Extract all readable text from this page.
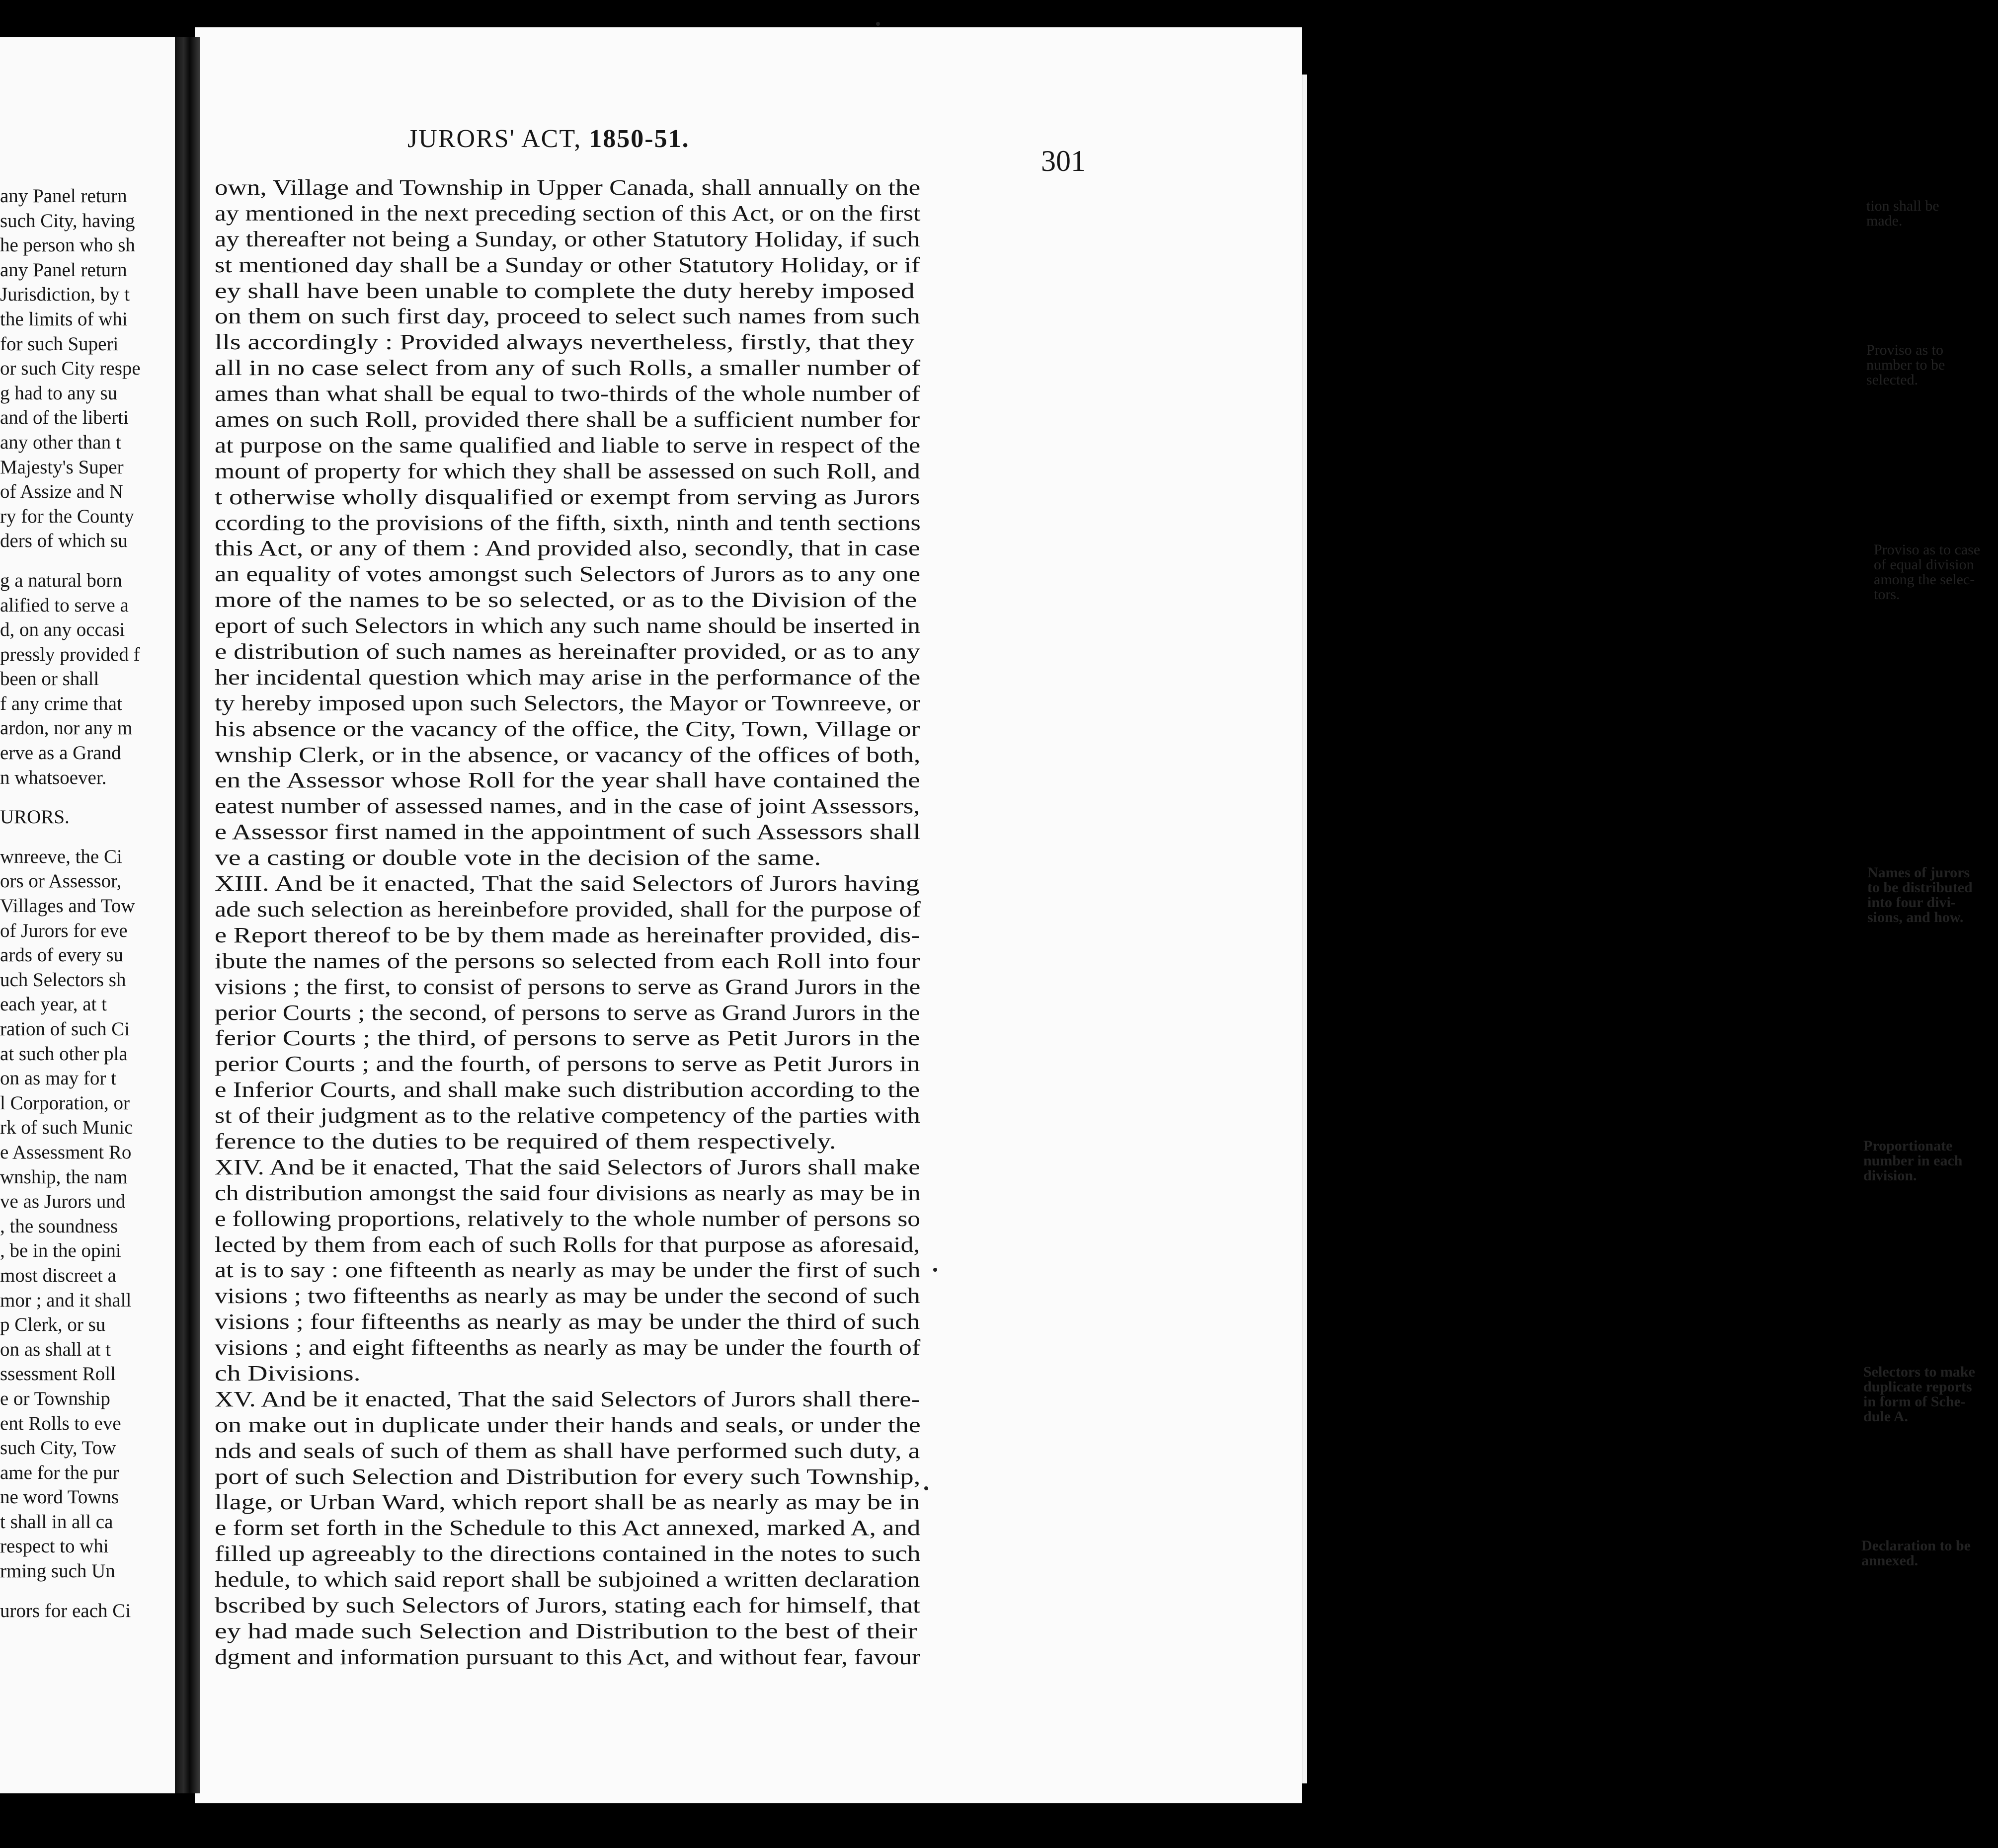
any Panel return
such City, having
he person who sh
any Panel return
Jurisdiction, by t
the limits of whi
for such Superi
or such City respe
g had to any su
and of the liberti
any other than t
Majesty's Super
of Assize and N
ry for the County
ders of which su
g a natural born
alified to serve a
d, on any occasi
pressly provided f
been or shall
f any crime that
ardon, nor any m
erve as a Grand
n whatsoever.
URORS.
wnreeve, the Ci
ors or Assessor,
Villages and Tow
of Jurors for eve
ards of every su
uch Selectors sh
each year, at t
ration of such Ci
at such other pla
on as may for t
l Corporation, or
rk of such Munic
e Assessment Ro
wnship, the nam
ve as Jurors und
, the soundness
, be in the opini
most discreet a
mor ; and it shall
p Clerk, or su
on as shall at t
ssessment Roll
e or Township
ent Rolls to eve
such City, Tow
ame for the pur
ne word Towns
t shall in all ca
respect to whi
rming such Un
urors for each Ci
JURORS' ACT, 1850-51.
301
own, Village and Township in Upper Canada, shall annually on the
ay mentioned in the next preceding section of this Act, or on the first
ay thereafter not being a Sunday, or other Statutory Holiday, if such
st mentioned day shall be a Sunday or other Statutory Holiday, or if
ey shall have been unable to complete the duty hereby imposed
on them on such first day, proceed to select such names from such
lls accordingly : Provided always nevertheless, firstly, that they
all in no case select from any of such Rolls, a smaller number of
ames than what shall be equal to two-thirds of the whole number of
ames on such Roll, provided there shall be a sufficient number for
at purpose on the same qualified and liable to serve in respect of the
mount of property for which they shall be assessed on such Roll, and
t otherwise wholly disqualified or exempt from serving as Jurors
ccording to the provisions of the fifth, sixth, ninth and tenth sections
this Act, or any of them : And provided also, secondly, that in case
an equality of votes amongst such Selectors of Jurors as to any one
more of the names to be so selected, or as to the Division of the
eport of such Selectors in which any such name should be inserted in
e distribution of such names as hereinafter provided, or as to any
her incidental question which may arise in the performance of the
ty hereby imposed upon such Selectors, the Mayor or Townreeve, or
his absence or the vacancy of the office, the City, Town, Village or
wnship Clerk, or in the absence, or vacancy of the offices of both,
en the Assessor whose Roll for the year shall have contained the
eatest number of assessed names, and in the case of joint Assessors,
e Assessor first named in the appointment of such Assessors shall
ve a casting or double vote in the decision of the same.
XIII. And be it enacted, That the said Selectors of Jurors having
ade such selection as hereinbefore provided, shall for the purpose of
e Report thereof to be by them made as hereinafter provided, dis-
ibute the names of the persons so selected from each Roll into four
visions ; the first, to consist of persons to serve as Grand Jurors in the
perior Courts ; the second, of persons to serve as Grand Jurors in the
ferior Courts ; the third, of persons to serve as Petit Jurors in the
perior Courts ; and the fourth, of persons to serve as Petit Jurors in
e Inferior Courts, and shall make such distribution according to the
st of their judgment as to the relative competency of the parties with
ference to the duties to be required of them respectively.
XIV. And be it enacted, That the said Selectors of Jurors shall make
ch distribution amongst the said four divisions as nearly as may be in
e following proportions, relatively to the whole number of persons so
lected by them from each of such Rolls for that purpose as aforesaid,
at is to say : one fifteenth as nearly as may be under the first of such
visions ; two fifteenths as nearly as may be under the second of such
visions ; four fifteenths as nearly as may be under the third of such
visions ; and eight fifteenths as nearly as may be under the fourth of
ch Divisions.
XV. And be it enacted, That the said Selectors of Jurors shall there-
on make out in duplicate under their hands and seals, or under the
nds and seals of such of them as shall have performed such duty, a
port of such Selection and Distribution for every such Township,
llage, or Urban Ward, which report shall be as nearly as may be in
e form set forth in the Schedule to this Act annexed, marked A, and
filled up agreeably to the directions contained in the notes to such
hedule, to which said report shall be subjoined a written declaration
bscribed by such Selectors of Jurors, stating each for himself, that
ey had made such Selection and Distribution to the best of their
dgment and information pursuant to this Act, and without fear, favour
tion shall be
made.
Proviso as to
number to be
selected.
Proviso as to case
of equal division
among the selec-
tors.
Names of jurors
to be distributed
into four divi-
sions, and how.
Proportionate
number in each
division.
Selectors to make
duplicate reports
in form of Sche-
dule A.
Declaration to be
annexed.
